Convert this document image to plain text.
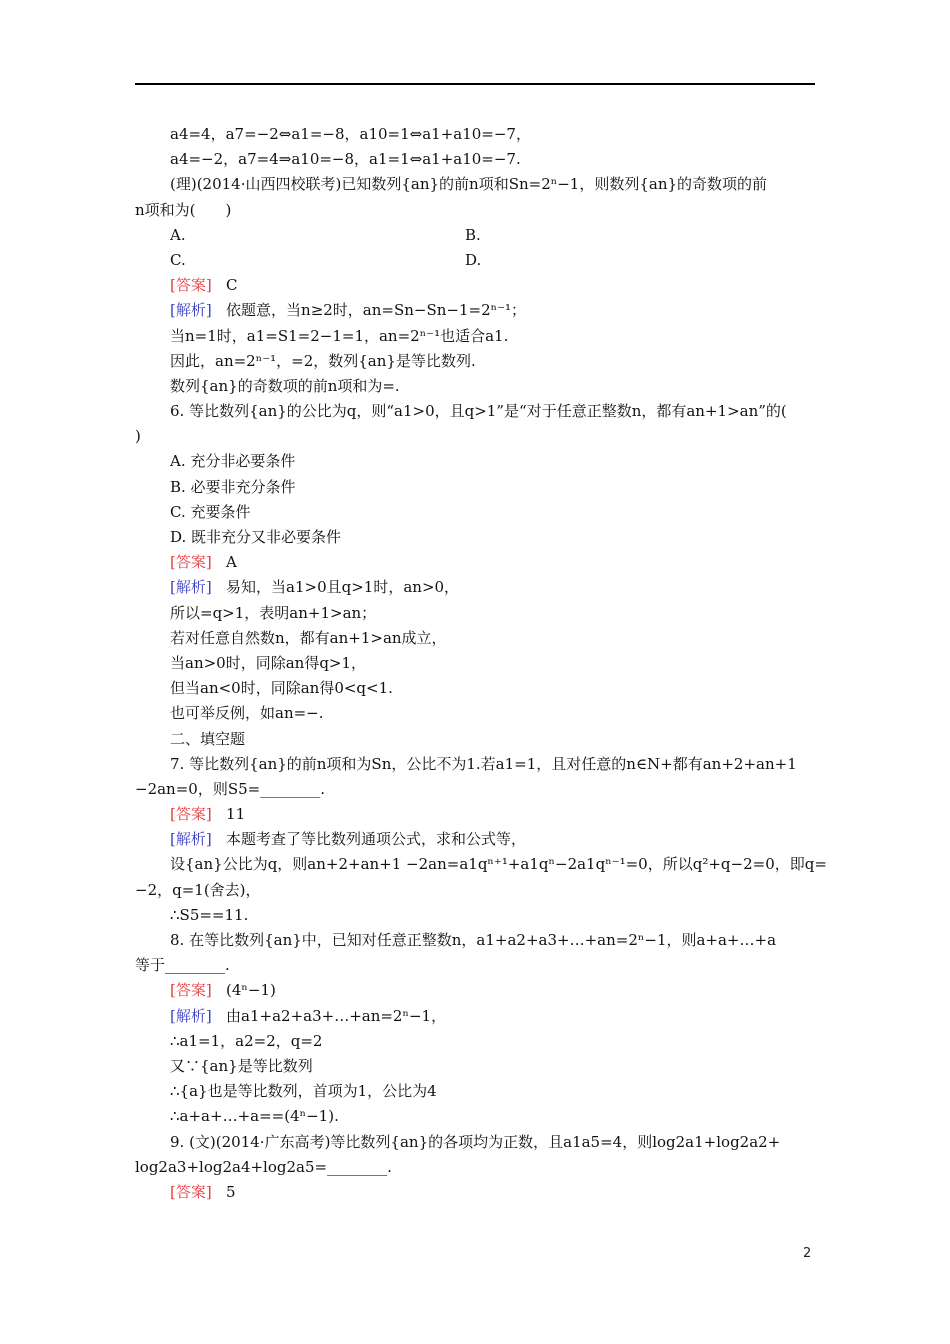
a4=4，a7=−2⇔a1=−8，a10=1⇔a1+a10=−7，
a4=−2，a7=4⇒a10=−8，a1=1⇔a1+a10=−7.
(理)(2014·山西四校联考)已知数列{an}的前n项和Sn=2ⁿ−1，则数列{an}的奇数项的前
n项和为(　　)
A.	B.
C.	D.
[答案] C
[解析] 依题意，当n≥2时，an=Sn−Sn−1=2ⁿ⁻¹；
当n=1时，a1=S1=2−1=1，an=2ⁿ⁻¹也适合a1.
因此，an=2ⁿ⁻¹，=2，数列{an}是等比数列.
数列{an}的奇数项的前n项和为=.
6. 等比数列{an}的公比为q，则“a1>0，且q>1”是“对于任意正整数n，都有an+1>an”的(
)
A. 充分非必要条件
B. 必要非充分条件
C. 充要条件
D. 既非充分又非必要条件
[答案] A
[解析] 易知，当a1>0且q>1时，an>0，
所以=q>1，表明an+1>an；
若对任意自然数n，都有an+1>an成立，
当an>0时，同除an得q>1，
但当an<0时，同除an得0<q<1.
也可举反例，如an=−.
二、填空题
7. 等比数列{an}的前n项和为Sn，公比不为1.若a1=1，且对任意的n∈N+都有an+2+an+1
−2an=0，则S5=________.
[答案] 11
[解析] 本题考查了等比数列通项公式，求和公式等，
设{an}公比为q，则an+2+an+1 −2an=a1qⁿ⁺¹+a1qⁿ−2a1qⁿ⁻¹=0，所以q²+q−2=0，即q=
−2，q=1(舍去)，
∴S5==11.
8. 在等比数列{an}中，已知对任意正整数n，a1+a2+a3+…+an=2ⁿ−1，则a+a+…+a
等于________.
[答案] (4ⁿ−1)
[解析] 由a1+a2+a3+…+an=2ⁿ−1，
∴a1=1，a2=2，q=2
又∵{an}是等比数列
∴{a}也是等比数列，首项为1，公比为4
∴a+a+…+a==(4ⁿ−1).
9. (文)(2014·广东高考)等比数列{an}的各项均为正数，且a1a5=4，则log2a1+log2a2+
log2a3+log2a4+log2a5=________.
[答案] 5
2
